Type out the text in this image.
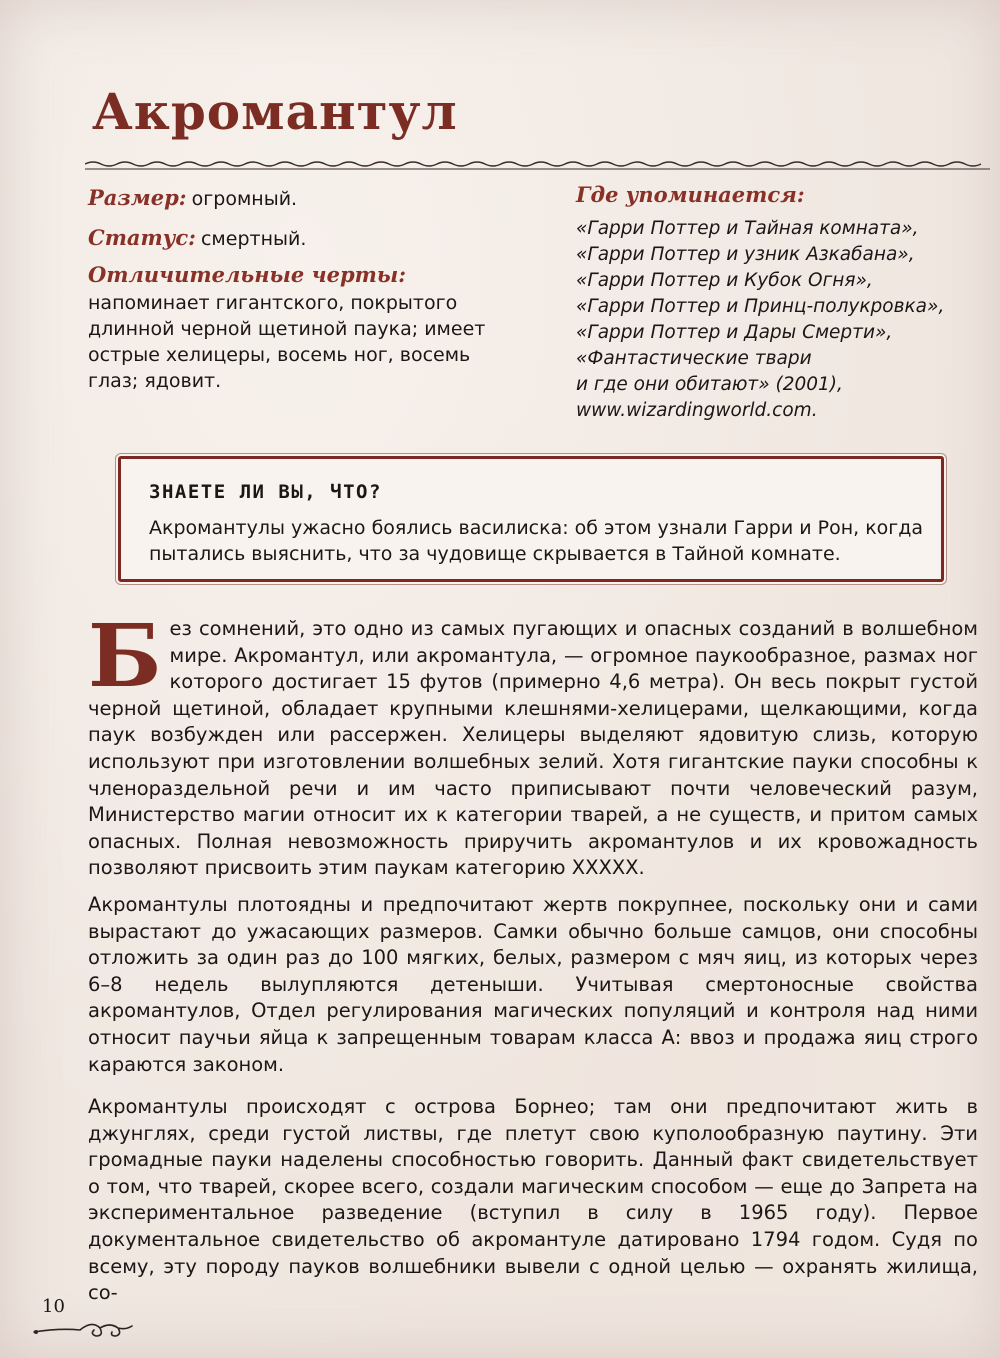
Акромантул
Размер: огромный.
Статус: смертный.
Отличительные черты:
напоминает гигантского, покрытого длинной черной щетиной паука; имеет острые хелицеры, восемь ног, восемь глаз; ядовит.
Где упоминается:
«Гарри Поттер и Тайная комната»,
«Гарри Поттер и узник Азкабана»,
«Гарри Поттер и Кубок Огня»,
«Гарри Поттер и Принц-полукровка»,
«Гарри Поттер и Дары Смерти»,
«Фантастические твари
и где они обитают» (2001),
www.wizardingworld.com.
ЗНАЕТЕ ЛИ ВЫ, ЧТО?
Акромантулы ужасно боялись василиска: об этом узнали Гарри и Рон, когда пытались выяснить, что за чудовище скрывается в Тайной комнате.

Без сомнений, это одно из самых пугающих и опасных созданий в волшебном мире. Акромантул, или акромантула, — огромное паукообразное, размах ног которого достигает 15 футов (примерно 4,6 метра). Он весь покрыт густой черной щетиной, обладает крупными клешнями-хелицерами, щелкающими, когда паук возбужден или рассержен. Хелицеры выделяют ядовитую слизь, которую используют при изготовлении волшебных зелий. Хотя гигантские пауки способны к членораздельной речи и им часто приписывают почти человеческий разум, Министерство магии относит их к категории тварей, а не существ, и притом самых опасных. Полная невозможность приручить акромантулов и их кровожадность позволяют присвоить этим паукам категорию ХХХХХ.

Акромантулы плотоядны и предпочитают жертв покрупнее, поскольку они и сами вырастают до ужасающих размеров. Самки обычно больше самцов, они способны отложить за один раз до 100 мягких, белых, размером с мяч яиц, из которых через 6–8 недель вылупляются детеныши. Учитывая смертоносные свойства акромантулов, Отдел регулирования магических популяций и контроля над ними относит паучьи яйца к запрещенным товарам класса А: ввоз и продажа яиц строго караются законом.

Акромантулы происходят с острова Борнео; там они предпочитают жить в джунглях, среди густой листвы, где плетут свою куполообразную паутину. Эти громадные пауки наделены способностью говорить. Данный факт свидетельствует о том, что тварей, скорее всего, создали магическим способом — еще до Запрета на экспериментальное разведение (вступил в силу в 1965 году). Первое документальное свидетельство об акромантуле датировано 1794 годом. Судя по всему, эту породу пауков волшебники вывели с одной целью — охранять жилища, со-

10
